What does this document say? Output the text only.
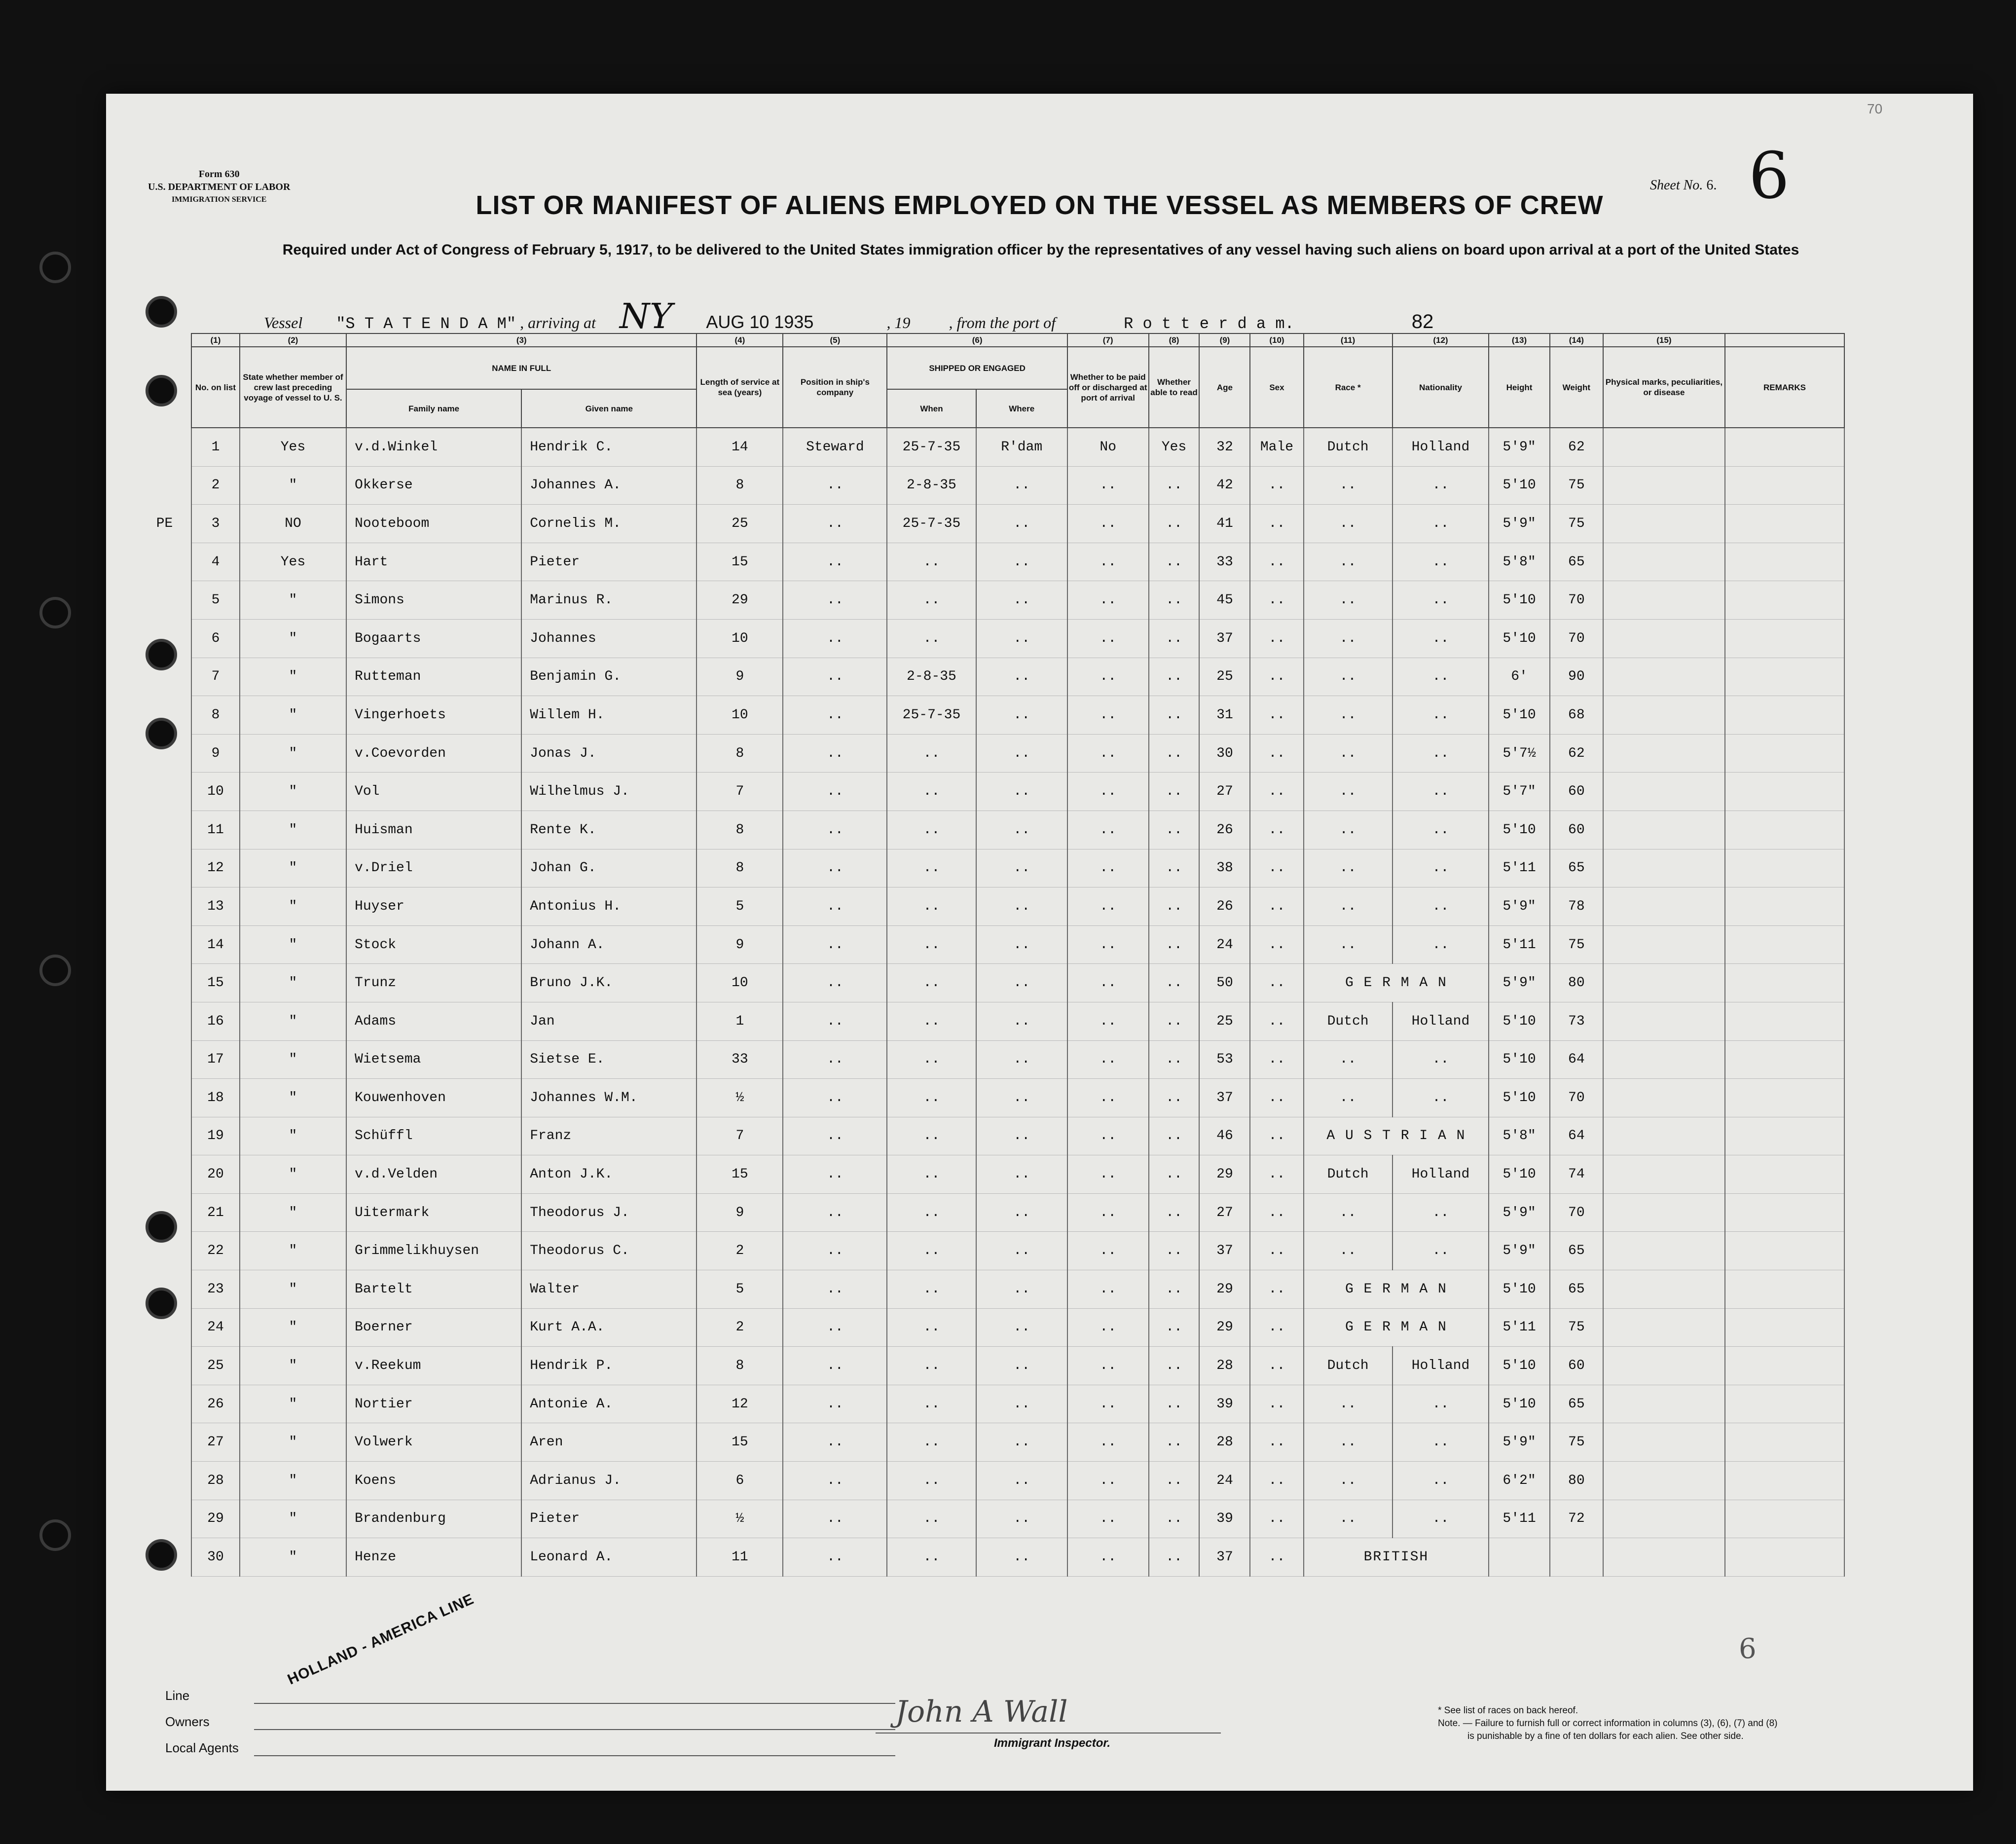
Form 630
U.S. DEPARTMENT OF LABOR
IMMIGRATION SERVICE
70
Sheet No. 6. 6
LIST OR MANIFEST OF ALIENS EMPLOYED ON THE VESSEL AS MEMBERS OF CREW
Required under Act of Congress of February 5, 1917, to be delivered to the United States immigration officer by the representatives of any vessel having such aliens on board upon arrival at a port of the United States
Vessel "S T A T E N D A M" , arriving at NY AUG 10 1935	, 19 , from the port of	R o t t e r d a m.	82
	(1)	(2)	(3)		(4)	(5)	(6)		(7)	(8)	(9)	(10)	(11)	(12)	(13)	(14)	(15)	
	No. on list	State whether member of crew last preceding voyage of vessel to U. S.	NAME IN FULL		Length of service at sea (years)	Position in ship's company	SHIPPED OR ENGAGED		Whether to be paid off or discharged at port of arrival	Whether able to read	Age	Sex	Race *	Nationality	Height	Weight	Physical marks, peculiarities, or disease	REMARKS
			Family name	Given name			When	Where										
	1	Yes	v.d.Winkel	Hendrik C.	14	Steward	25-7-35	R'dam	No	Yes	32	Male	Dutch	Holland	5'9"	62		
	2	"	Okkerse	Johannes A.	8	..	2-8-35	..	..	..	42	..	..	..	5'10	75		
PE	3	NO	Nooteboom	Cornelis M.	25	..	25-7-35	..	..	..	41	..	..	..	5'9"	75		
	4	Yes	Hart	Pieter	15	..	..	..	..	..	33	..	..	..	5'8"	65		
	5	"	Simons	Marinus R.	29	..	..	..	..	..	45	..	..	..	5'10	70		
	6	"	Bogaarts	Johannes	10	..	..	..	..	..	37	..	..	..	5'10	70		
	7	"	Rutteman	Benjamin G.	9	..	2-8-35	..	..	..	25	..	..	..	6'	90		
	8	"	Vingerhoets	Willem H.	10	..	25-7-35	..	..	..	31	..	..	..	5'10	68		
	9	"	v.Coevorden	Jonas J.	8	..	..	..	..	..	30	..	..	..	5'7½	62		
	10	"	Vol	Wilhelmus J.	7	..	..	..	..	..	27	..	..	..	5'7"	60		
	11	"	Huisman	Rente K.	8	..	..	..	..	..	26	..	..	..	5'10	60		
	12	"	v.Driel	Johan G.	8	..	..	..	..	..	38	..	..	..	5'11	65		
	13	"	Huyser	Antonius H.	5	..	..	..	..	..	26	..	..	..	5'9"	78		
	14	"	Stock	Johann A.	9	..	..	..	..	..	24	..	..	..	5'11	75		
	15	"	Trunz	Bruno J.K.	10	..	..	..	..	..	50	..	G E R M A N		5'9"	80		
	16	"	Adams	Jan	1	..	..	..	..	..	25	..	Dutch	Holland	5'10	73		
	17	"	Wietsema	Sietse E.	33	..	..	..	..	..	53	..	..	..	5'10	64		
	18	"	Kouwenhoven	Johannes W.M.	½	..	..	..	..	..	37	..	..	..	5'10	70		
	19	"	Schüffl	Franz	7	..	..	..	..	..	46	..	A U S T R I A N		5'8"	64		
	20	"	v.d.Velden	Anton J.K.	15	..	..	..	..	..	29	..	Dutch	Holland	5'10	74		
	21	"	Uitermark	Theodorus J.	9	..	..	..	..	..	27	..	..	..	5'9"	70		
	22	"	Grimmelikhuysen	Theodorus C.	2	..	..	..	..	..	37	..	..	..	5'9"	65		
	23	"	Bartelt	Walter	5	..	..	..	..	..	29	..	G E R M A N		5'10	65		
	24	"	Boerner	Kurt A.A.	2	..	..	..	..	..	29	..	G E R M A N		5'11	75		
	25	"	v.Reekum	Hendrik P.	8	..	..	..	..	..	28	..	Dutch	Holland	5'10	60		
	26	"	Nortier	Antonie A.	12	..	..	..	..	..	39	..	..	..	5'10	65		
	27	"	Volwerk	Aren	15	..	..	..	..	..	28	..	..	..	5'9"	75		
	28	"	Koens	Adrianus J.	6	..	..	..	..	..	24	..	..	..	6'2"	80		
	29	"	Brandenburg	Pieter	½	..	..	..	..	..	39	..	..	..	5'11	72		
	30	"	Henze	Leonard A.	11	..	..	..	..	..	37	..	BRITISH					
Line
Owners
Local Agents
HOLLAND - AMERICA LINE
John A Wall
Immigrant Inspector.
* See list of races on back hereof.
Note. — Failure to furnish full or correct information in columns (3), (6), (7) and (8)
is punishable by a fine of ten dollars for each alien. See other side.
6
